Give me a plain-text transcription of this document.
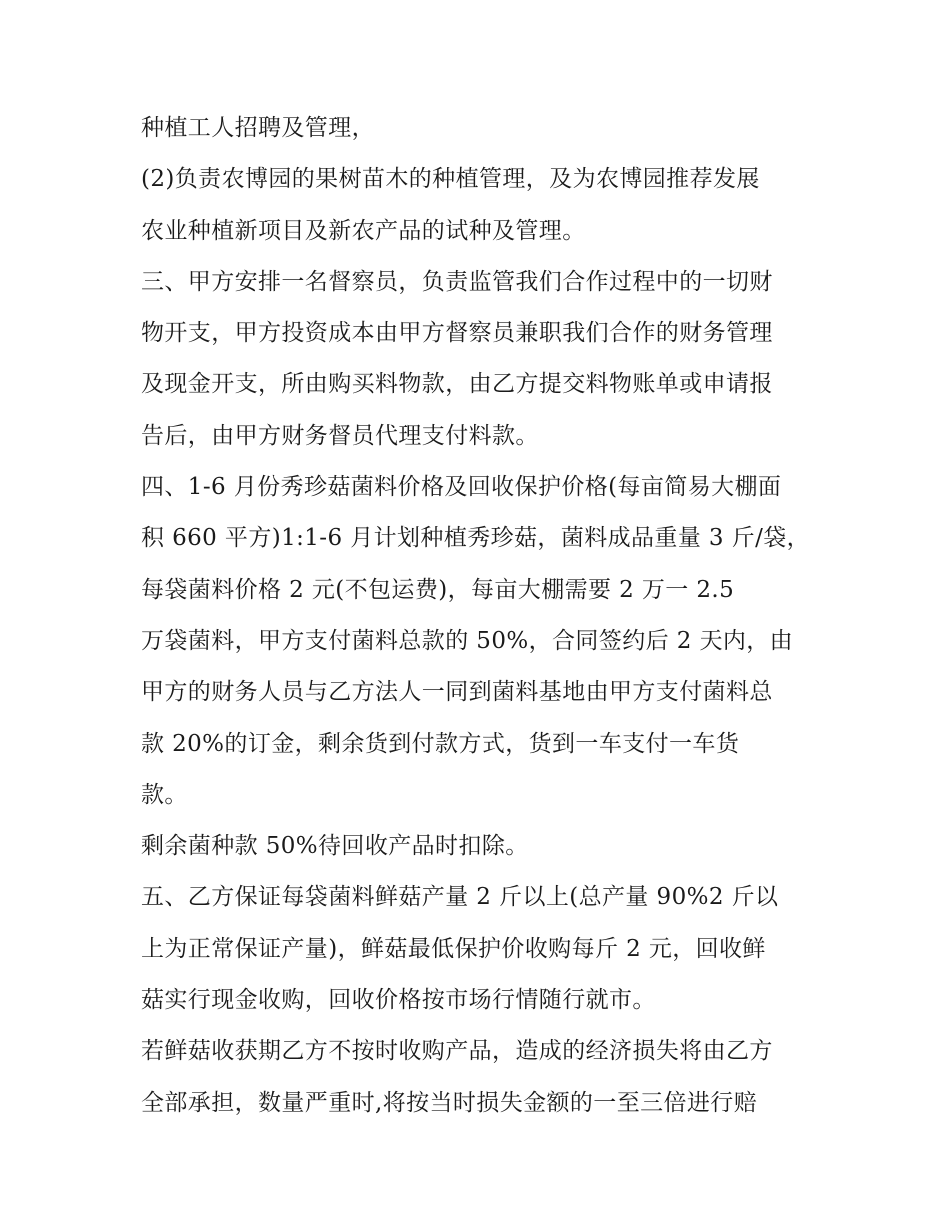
种植工人招聘及管理，
(2)负责农博园的果树苗木的种植管理，及为农博园推荐发展
农业种植新项目及新农产品的试种及管理。
三、甲方安排一名督察员，负责监管我们合作过程中的一切财
物开支，甲方投资成本由甲方督察员兼职我们合作的财务管理
及现金开支，所由购买料物款，由乙方提交料物账单或申请报
告后，由甲方财务督员代理支付料款。
四、1-6 月份秀珍菇菌料价格及回收保护价格(每亩简易大棚面
积 660 平方)1:1-6 月计划种植秀珍菇，菌料成品重量 3 斤/袋，
每袋菌料价格 2 元(不包运费)，每亩大棚需要 2 万一 2.5
万袋菌料，甲方支付菌料总款的 50%，合同签约后 2 天内，由
甲方的财务人员与乙方法人一同到菌料基地由甲方支付菌料总
款 20%的订金，剩余货到付款方式，货到一车支付一车货
款。
剩余菌种款 50%待回收产品时扣除。
五、乙方保证每袋菌料鲜菇产量 2 斤以上(总产量 90%2 斤以
上为正常保证产量)，鲜菇最低保护价收购每斤 2 元，回收鲜
菇实行现金收购，回收价格按市场行情随行就市。
若鲜菇收获期乙方不按时收购产品，造成的经济损失将由乙方
全部承担，数量严重时,将按当时损失金额的一至三倍进行赔
